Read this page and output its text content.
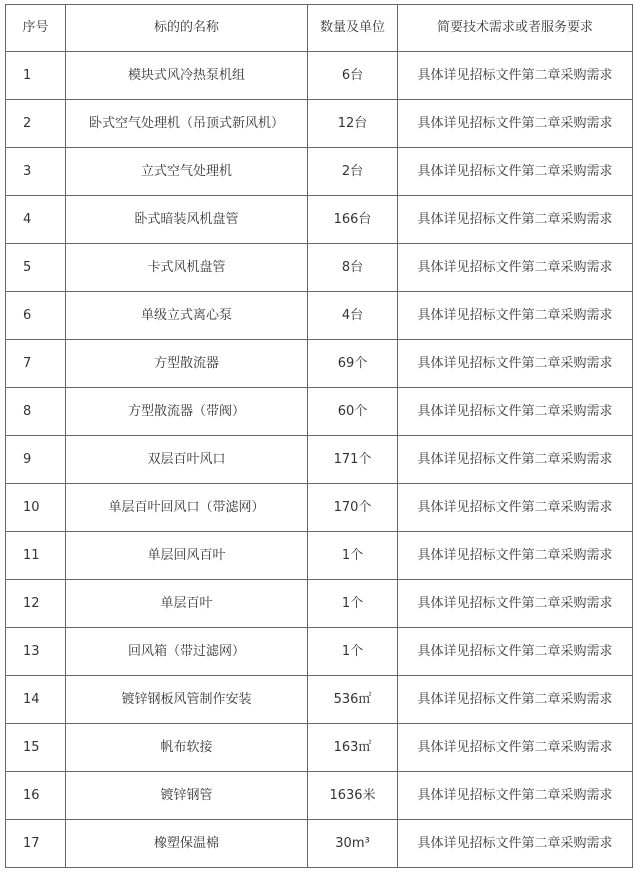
序号	标的的名称	数量及单位	简要技术需求或者服务要求
1	模块式风冷热泵机组	6台	具体详见招标文件第二章采购需求
2	卧式空气处理机（吊顶式新风机）	12台	具体详见招标文件第二章采购需求
3	立式空气处理机	2台	具体详见招标文件第二章采购需求
4	卧式暗装风机盘管	166台	具体详见招标文件第二章采购需求
5	卡式风机盘管	8台	具体详见招标文件第二章采购需求
6	单级立式离心泵	4台	具体详见招标文件第二章采购需求
7	方型散流器	69个	具体详见招标文件第二章采购需求
8	方型散流器（带阀）	60个	具体详见招标文件第二章采购需求
9	双层百叶风口	171个	具体详见招标文件第二章采购需求
10	单层百叶回风口（带滤网）	170个	具体详见招标文件第二章采购需求
11	单层回风百叶	1个	具体详见招标文件第二章采购需求
12	单层百叶	1个	具体详见招标文件第二章采购需求
13	回风箱（带过滤网）	1个	具体详见招标文件第二章采购需求
14	镀锌钢板风管制作安装	536㎡	具体详见招标文件第二章采购需求
15	帆布软接	163㎡	具体详见招标文件第二章采购需求
16	镀锌钢管	1636米	具体详见招标文件第二章采购需求
17	橡塑保温棉	30m³	具体详见招标文件第二章采购需求
